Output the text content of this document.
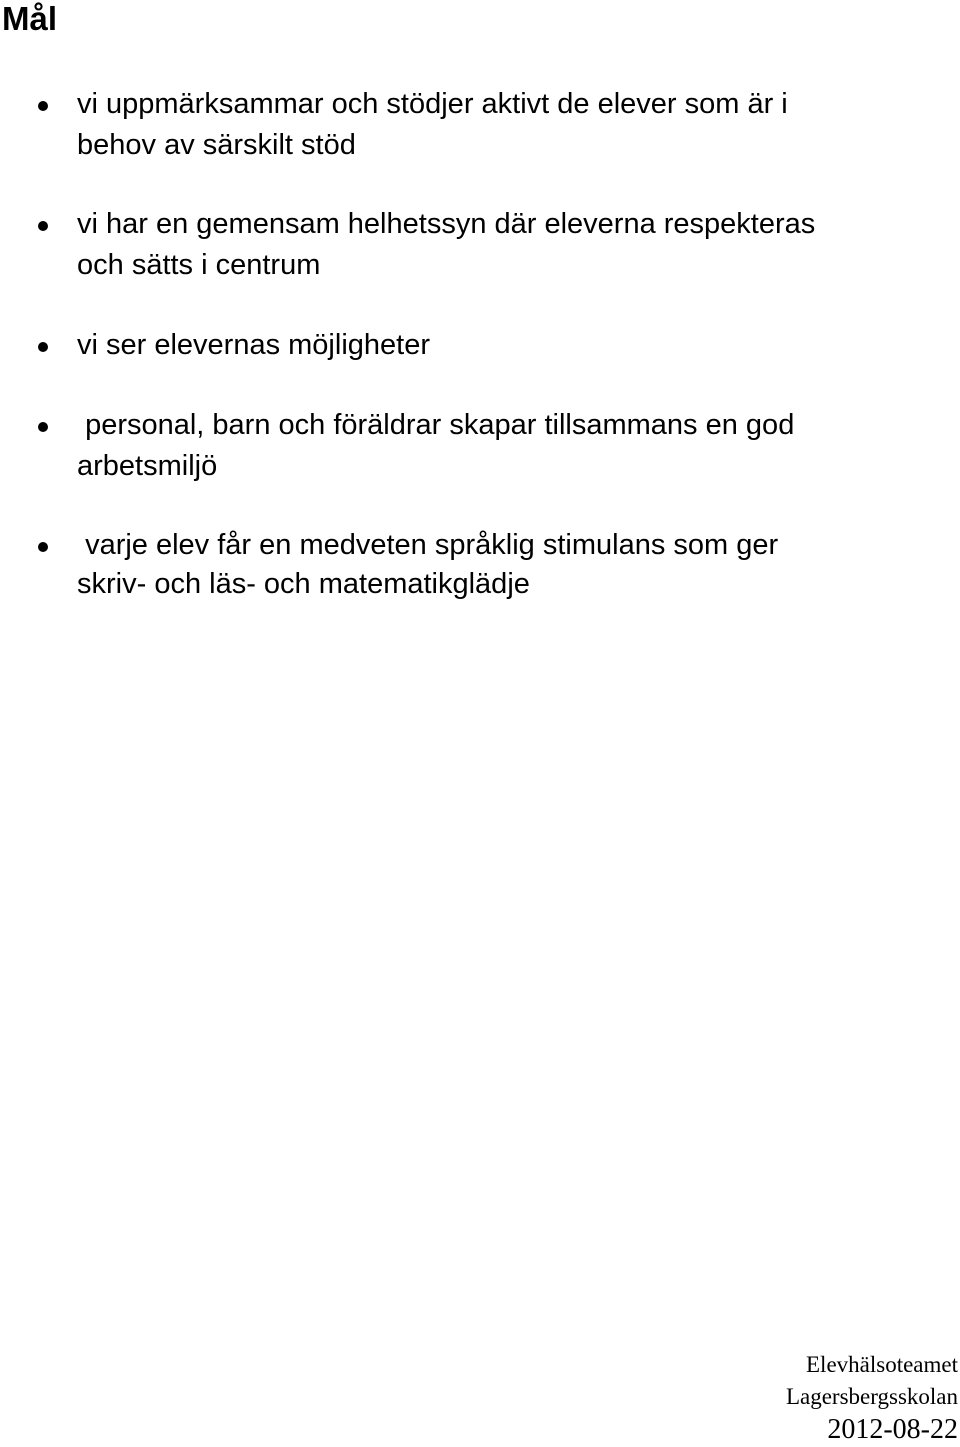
Mål
vi uppmärksammar och stödjer aktivt de elever som är i
behov av särskilt stöd
vi har en gemensam helhetssyn där eleverna respekteras
och sätts i centrum
vi ser elevernas möjligheter
personal, barn och föräldrar skapar tillsammans en god
arbetsmiljö
varje elev får en medveten språklig stimulans som ger
skriv- och läs- och matematikglädje
Elevhälsoteamet
Lagersbergsskolan
2012-08-22
